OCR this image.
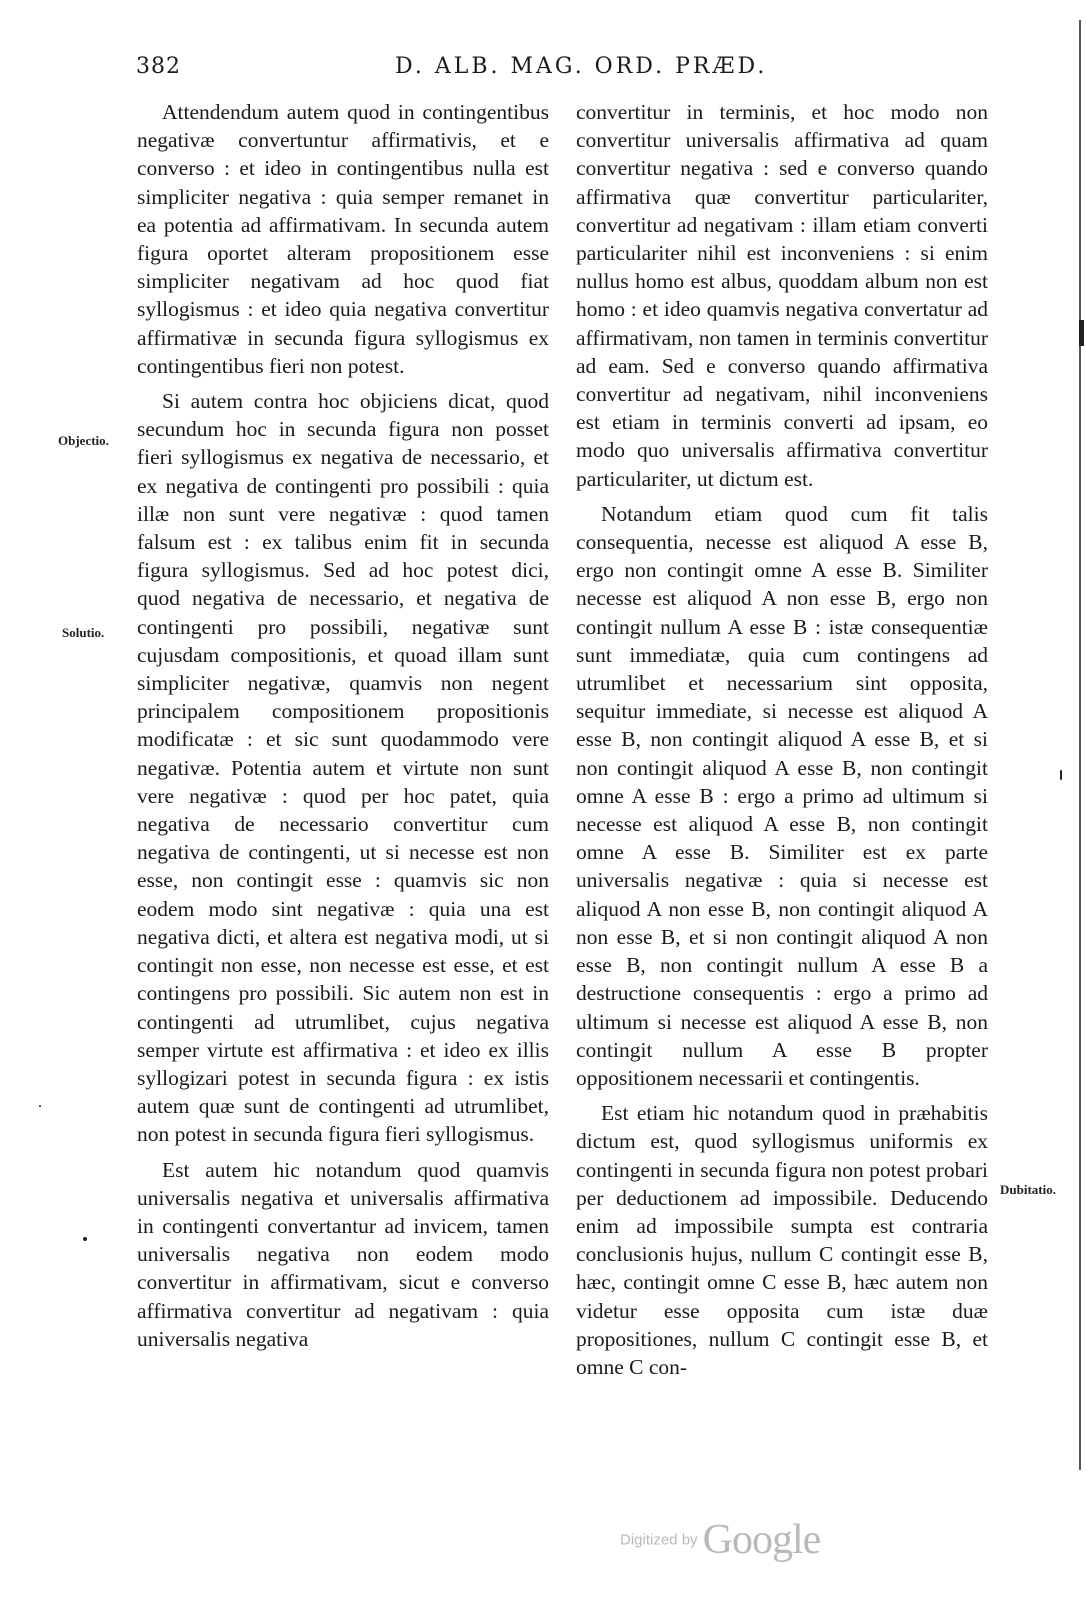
382	D. ALB. MAG. ORD. PRÆD.
Objectio.
Solutio.
Dubitatio.

Attendendum autem quod in contingentibus negativæ convertuntur affirmativis, et e converso : et ideo in contingentibus nulla est simpliciter negativa : quia semper remanet in ea potentia ad affirmativam. In secunda autem figura oportet alteram propositionem esse simpliciter negativam ad hoc quod fiat syllogismus : et ideo quia negativa convertitur affirmativæ in secunda figura syllogismus ex contingentibus fieri non potest.

Si autem contra hoc objiciens dicat, quod secundum hoc in secunda figura non posset fieri syllogismus ex negativa de necessario, et ex negativa de contingenti pro possibili : quia illæ non sunt vere negativæ : quod tamen falsum est : ex talibus enim fit in secunda figura syllogismus. Sed ad hoc potest dici, quod negativa de necessario, et negativa de contingenti pro possibili, negativæ sunt cujusdam compositionis, et quoad illam sunt simpliciter negativæ, quamvis non negent principalem compositionem propositionis modificatæ : et sic sunt quodammodo vere negativæ. Potentia autem et virtute non sunt vere negativæ : quod per hoc patet, quia negativa de necessario convertitur cum negativa de contingenti, ut si necesse est non esse, non contingit esse : quamvis sic non eodem modo sint negativæ : quia una est negativa dicti, et altera est negativa modi, ut si contingit non esse, non necesse est esse, et est contingens pro possibili. Sic autem non est in contingenti ad utrumlibet, cujus negativa semper virtute est affirmativa : et ideo ex illis syllogizari potest in secunda figura : ex istis autem quæ sunt de contingenti ad utrumlibet, non potest in secunda figura fieri syllogismus.

Est autem hic notandum quod quamvis universalis negativa et universalis affirmativa in contingenti convertantur ad invicem, tamen universalis negativa non eodem modo convertitur in affirmativam, sicut e converso affirmativa convertitur ad negativam : quia universalis negativa

convertitur in terminis, et hoc modo non convertitur universalis affirmativa ad quam convertitur negativa : sed e converso quando affirmativa quæ convertitur particulariter, convertitur ad negativam : illam etiam converti particulariter nihil est inconveniens : si enim nullus homo est albus, quoddam album non est homo : et ideo quamvis negativa convertatur ad affirmativam, non tamen in terminis convertitur ad eam. Sed e converso quando affirmativa convertitur ad negativam, nihil inconveniens est etiam in terminis converti ad ipsam, eo modo quo universalis affirmativa convertitur particulariter, ut dictum est.

Notandum etiam quod cum fit talis consequentia, necesse est aliquod A esse B, ergo non contingit omne A esse B. Similiter necesse est aliquod A non esse B, ergo non contingit nullum A esse B : istæ consequentiæ sunt immediatæ, quia cum contingens ad utrumlibet et necessarium sint opposita, sequitur immediate, si necesse est aliquod A esse B, non contingit aliquod A esse B, et si non contingit aliquod A esse B, non contingit omne A esse B : ergo a primo ad ultimum si necesse est aliquod A esse B, non contingit omne A esse B. Similiter est ex parte universalis negativæ : quia si necesse est aliquod A non esse B, non contingit aliquod A non esse B, et si non contingit aliquod A non esse B, non contingit nullum A esse B a destructione consequentis : ergo a primo ad ultimum si necesse est aliquod A esse B, non contingit nullum A esse B propter oppositionem necessarii et contingentis.

Est etiam hic notandum quod in præhabitis dictum est, quod syllogismus uniformis ex contingenti in secunda figura non potest probari per deductionem ad impossibile. Deducendo enim ad impossibile sumpta est contraria conclusionis hujus, nullum C contingit esse B, hæc, contingit omne C esse B, hæc autem non videtur esse opposita cum istæ duæ propositiones, nullum C contingit esse B, et omne C con-

Digitized by Google
